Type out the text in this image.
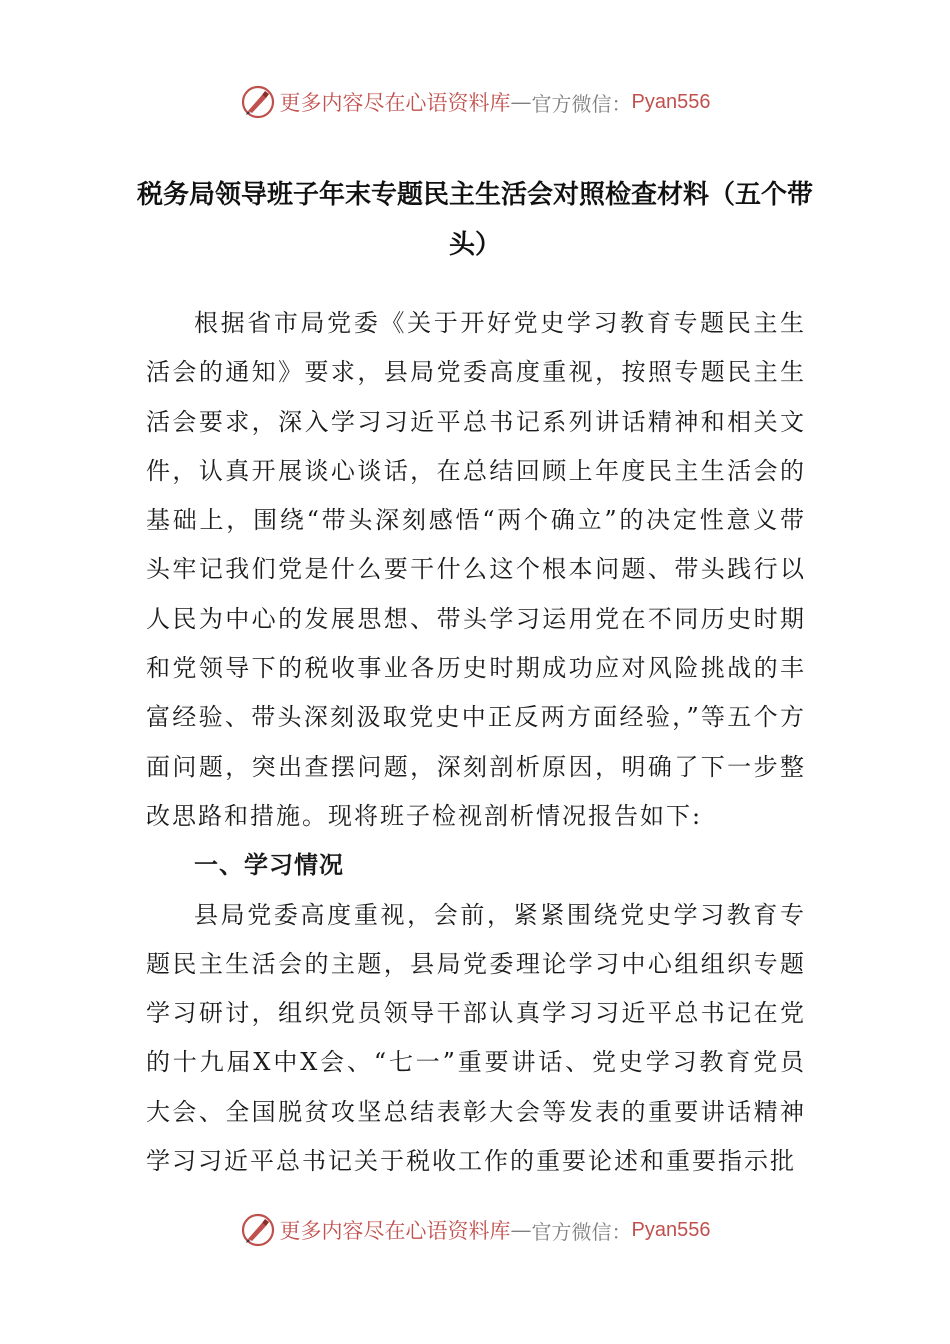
更多内容尽在心语资料库 — 官方微信： Pyan556
税务局领导班子年末专题民主生活会对照检查材料（五个带头）

根据省市局党委《关于开好党史学习教育专题民主生活会的通知》要求，县局党委高度重视，按照专题民主生活会要求，深入学习习近平总书记系列讲话精神和相关文件，认真开展谈心谈话，在总结回顾上年度民主生活会的基础上，围绕“带头深刻感悟“两个确立”的决定性意义带头牢记我们党是什么要干什么这个根本问题、带头践行以人民为中心的发展思想、带头学习运用党在不同历史时期和党领导下的税收事业各历史时期成功应对风险挑战的丰富经验、带头深刻汲取党史中正反两方面经验，”等五个方面问题，突出查摆问题，深刻剖析原因，明确了下一步整改思路和措施。现将班子检视剖析情况报告如下:

一、学习情况

县局党委高度重视，会前，紧紧围绕党史学习教育专题民主生活会的主题，县局党委理论学习中心组组织专题学习研讨，组织党员领导干部认真学习习近平总书记在党的十九届X中X会、“七一”重要讲话、党史学习教育党员大会、全国脱贫攻坚总结表彰大会等发表的重要讲话精神学习习近平总书记关于税收工作的重要论述和重要指示批

更多内容尽在心语资料库 — 官方微信： Pyan556
